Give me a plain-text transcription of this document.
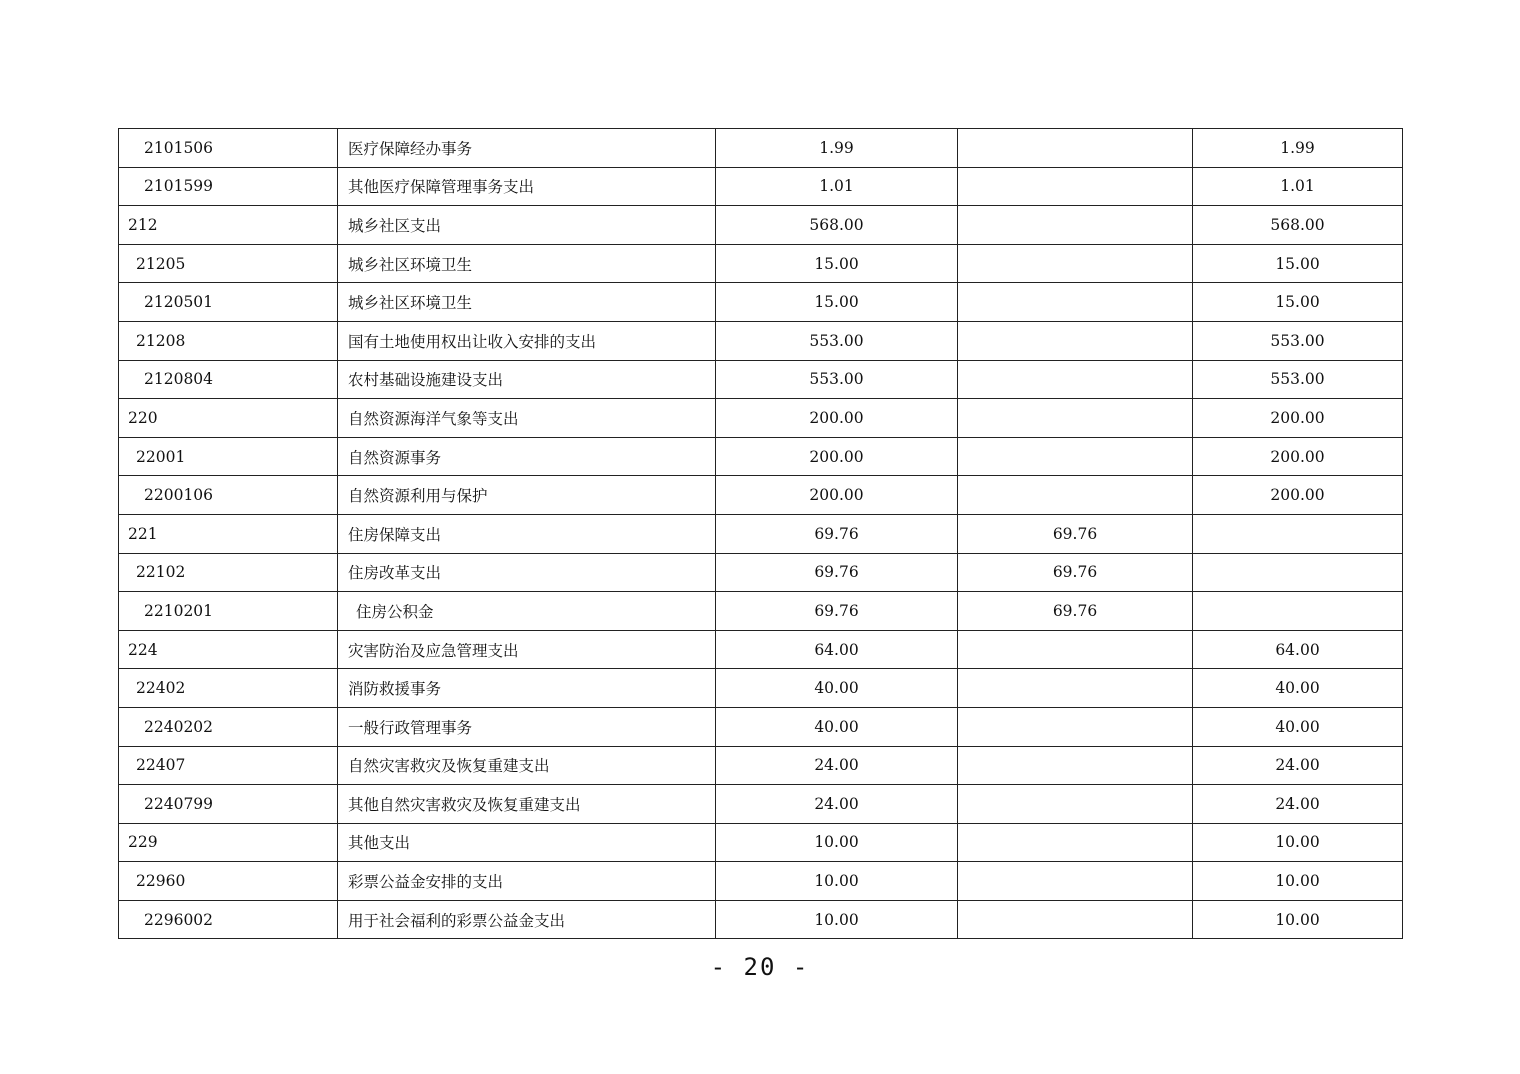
2101506	医疗保障经办事务	1.99		1.99
2101599	其他医疗保障管理事务支出	1.01		1.01
212	城乡社区支出	568.00		568.00
21205	城乡社区环境卫生	15.00		15.00
2120501	城乡社区环境卫生	15.00		15.00
21208	国有土地使用权出让收入安排的支出	553.00		553.00
2120804	农村基础设施建设支出	553.00		553.00
220	自然资源海洋气象等支出	200.00		200.00
22001	自然资源事务	200.00		200.00
2200106	自然资源利用与保护	200.00		200.00
221	住房保障支出	69.76	69.76	
22102	住房改革支出	69.76	69.76	
2210201	住房公积金	69.76	69.76	
224	灾害防治及应急管理支出	64.00		64.00
22402	消防救援事务	40.00		40.00
2240202	一般行政管理事务	40.00		40.00
22407	自然灾害救灾及恢复重建支出	24.00		24.00
2240799	其他自然灾害救灾及恢复重建支出	24.00		24.00
229	其他支出	10.00		10.00
22960	彩票公益金安排的支出	10.00		10.00
2296002	用于社会福利的彩票公益金支出	10.00		10.00
- 20 -
